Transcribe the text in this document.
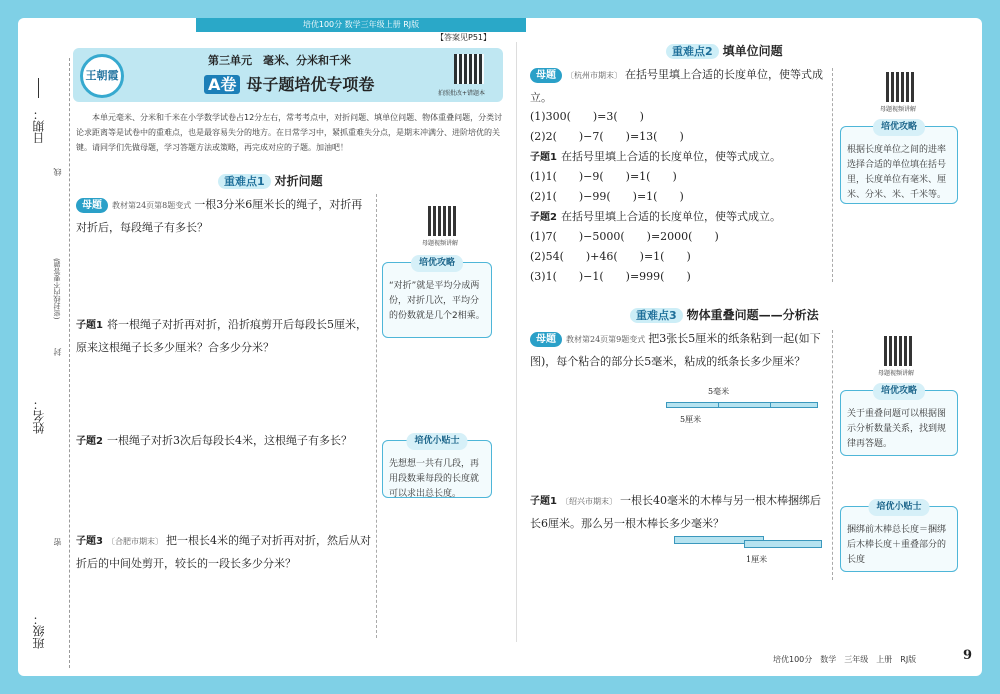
培优100分 数学三年级上册 RJ版
日期：
线
(密封线内不要答题)
封
姓名：
密
班级：
王朝霞
第三单元　毫米、分米和千米
A卷 母子题培优专项卷
【答案见P51】
拍照批改+错题本
本单元毫米、分米和千米在小学数学试卷占12分左右，常考考点中，对折问题、填单位问题、物体重叠问题，分类讨论求距离等是试卷中的重难点，也是最容易失分的地方。在日常学习中，紧抓重难失分点，是期末冲满分、进阶培优的关键。请同学们先做母题，学习答题方法或策略，再完成对应的子题。加油吧！
重难点1 对折问题
母题 教材第24页第8题变式 一根3分米6厘米长的绳子，对折再对折后，每段绳子有多长？
母题视频讲解
培优攻略
“对折”就是平均分成两份，对折几次，平均分的份数就是几个2相乘。
子题1 将一根绳子对折再对折，沿折痕剪开后每段长5厘米，原来这根绳子长多少厘米？合多少分米？
子题2 一根绳子对折3次后每段长4米，这根绳子有多长？	培优小贴士
先想想一共有几段，再用段数乘每段的长度就可以求出总长度。
子题3 〔合肥市期末〕 把一根长4米的绳子对折再对折，然后从对折后的中间处剪开，较长的一段长多少分米？
重难点2 填单位问题
母题 〔杭州市期末〕 在括号里填上合适的长度单位，使等式成立。
(1)300(　　)=3(　　)
(2)2(　　)−7(　　)=13(　　)
子题1 在括号里填上合适的长度单位，使等式成立。
(1)1(　　)−9(　　)=1(　　)
(2)1(　　)−99(　　)=1(　　)
子题2 在括号里填上合适的长度单位，使等式成立。
(1)7(　　)−5000(　　)=2000(　　)
(2)54(　　)+46(　　)=1(　　)
(3)1(　　)−1(　　)=999(　　)
母题视频讲解
培优攻略
根据长度单位之间的进率选择合适的单位填在括号里，长度单位有毫米、厘米、分米、米、千米等。
重难点3 物体重叠问题——分析法
母题 教材第24页第9题变式 把3张长5厘米的纸条粘到一起(如下图)，每个粘合的部分长5毫米，粘成的纸条长多少厘米？
5毫米
5厘米
子题1 〔绍兴市期末〕 一根长40毫米的木棒与另一根木棒捆绑后长6厘米。那么另一根木棒长多少毫米？
1厘米
母题视频讲解
培优攻略
关于重叠问题可以根据图示分析数量关系，找到规律再答题。
培优小贴士
捆绑前木棒总长度＝捆绑后木棒长度＋重叠部分的长度
培优100分　数学　三年级　上册　RJ版	9
